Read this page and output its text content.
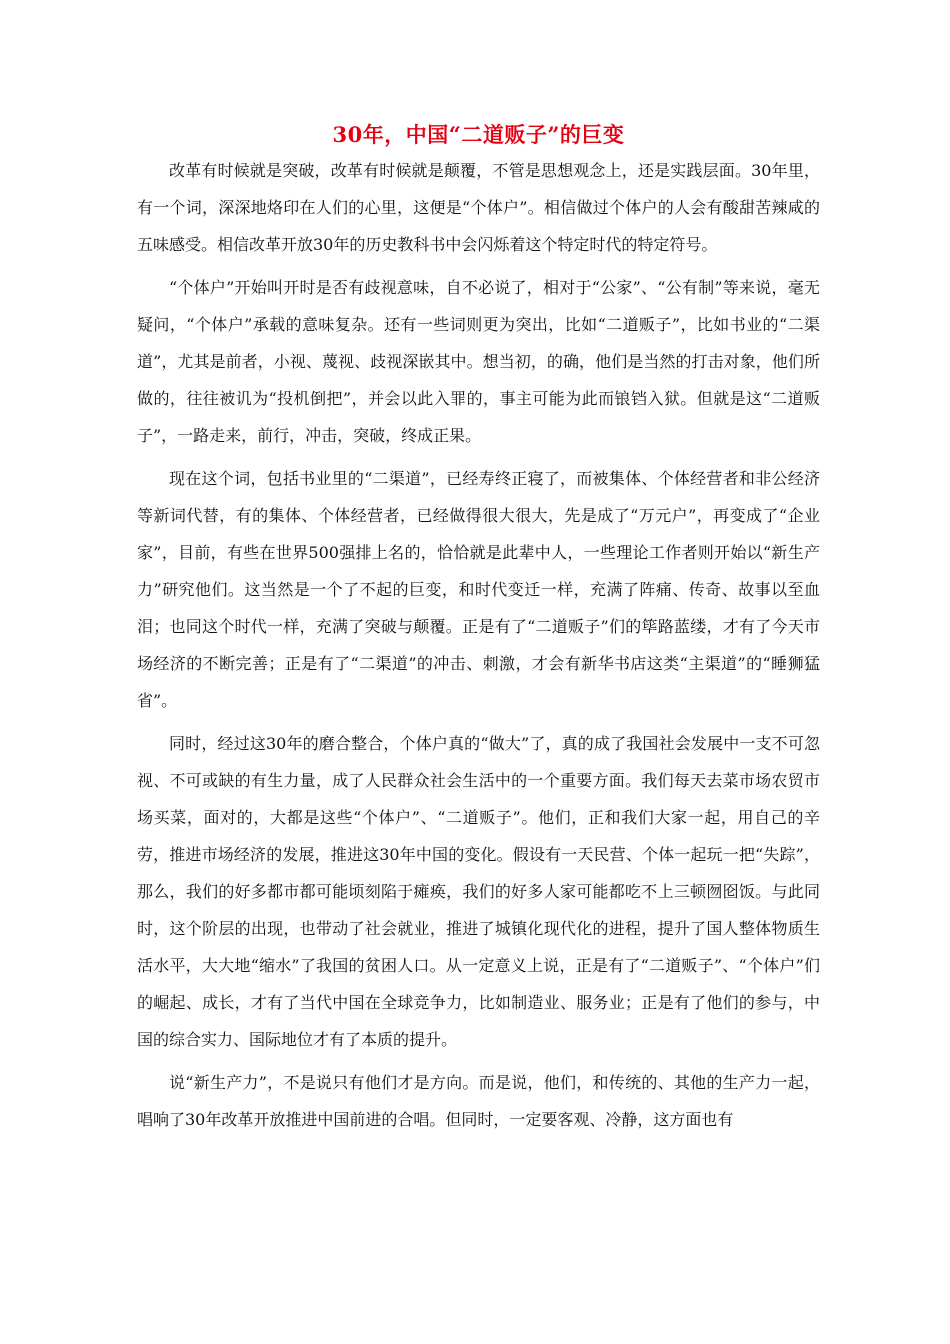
30年，中国“二道贩子”的巨变

改革有时候就是突破，改革有时候就是颠覆，不管是思想观念上，还是实践层面。30年里，有一个词，深深地烙印在人们的心里，这便是“个体户”。相信做过个体户的人会有酸甜苦辣咸的五味感受。相信改革开放30年的历史教科书中会闪烁着这个特定时代的特定符号。

“个体户”开始叫开时是否有歧视意味，自不必说了，相对于“公家”、“公有制”等来说，毫无疑问，“个体户”承载的意味复杂。还有一些词则更为突出，比如“二道贩子”，比如书业的“二渠道”，尤其是前者，小视、蔑视、歧视深嵌其中。想当初，的确，他们是当然的打击对象，他们所做的，往往被讥为“投机倒把”，并会以此入罪的，事主可能为此而锒铛入狱。但就是这“二道贩子”，一路走来，前行，冲击，突破，终成正果。

现在这个词，包括书业里的“二渠道”，已经寿终正寝了，而被集体、个体经营者和非公经济等新词代替，有的集体、个体经营者，已经做得很大很大，先是成了“万元户”，再变成了“企业家”，目前，有些在世界500强排上名的，恰恰就是此辈中人，一些理论工作者则开始以“新生产力”研究他们。这当然是一个了不起的巨变，和时代变迁一样，充满了阵痛、传奇、故事以至血泪；也同这个时代一样，充满了突破与颠覆。正是有了“二道贩子”们的筚路蓝缕，才有了今天市场经济的不断完善；正是有了“二渠道”的冲击、刺激，才会有新华书店这类“主渠道”的“睡狮猛省”。

同时，经过这30年的磨合整合，个体户真的“做大”了，真的成了我国社会发展中一支不可忽视、不可或缺的有生力量，成了人民群众社会生活中的一个重要方面。我们每天去菜市场农贸市场买菜，面对的，大都是这些“个体户”、“二道贩子”。他们，正和我们大家一起，用自己的辛劳，推进市场经济的发展，推进这30年中国的变化。假设有一天民营、个体一起玩一把“失踪”，那么，我们的好多都市都可能顷刻陷于瘫痪，我们的好多人家可能都吃不上三顿囫囵饭。与此同时，这个阶层的出现，也带动了社会就业，推进了城镇化现代化的进程，提升了国人整体物质生活水平，大大地“缩水”了我国的贫困人口。从一定意义上说，正是有了“二道贩子”、“个体户”们的崛起、成长，才有了当代中国在全球竞争力，比如制造业、服务业；正是有了他们的参与，中国的综合实力、国际地位才有了本质的提升。

说“新生产力”，不是说只有他们才是方向。而是说，他们，和传统的、其他的生产力一起，唱响了30年改革开放推进中国前进的合唱。但同时，一定要客观、冷静，这方面也有
